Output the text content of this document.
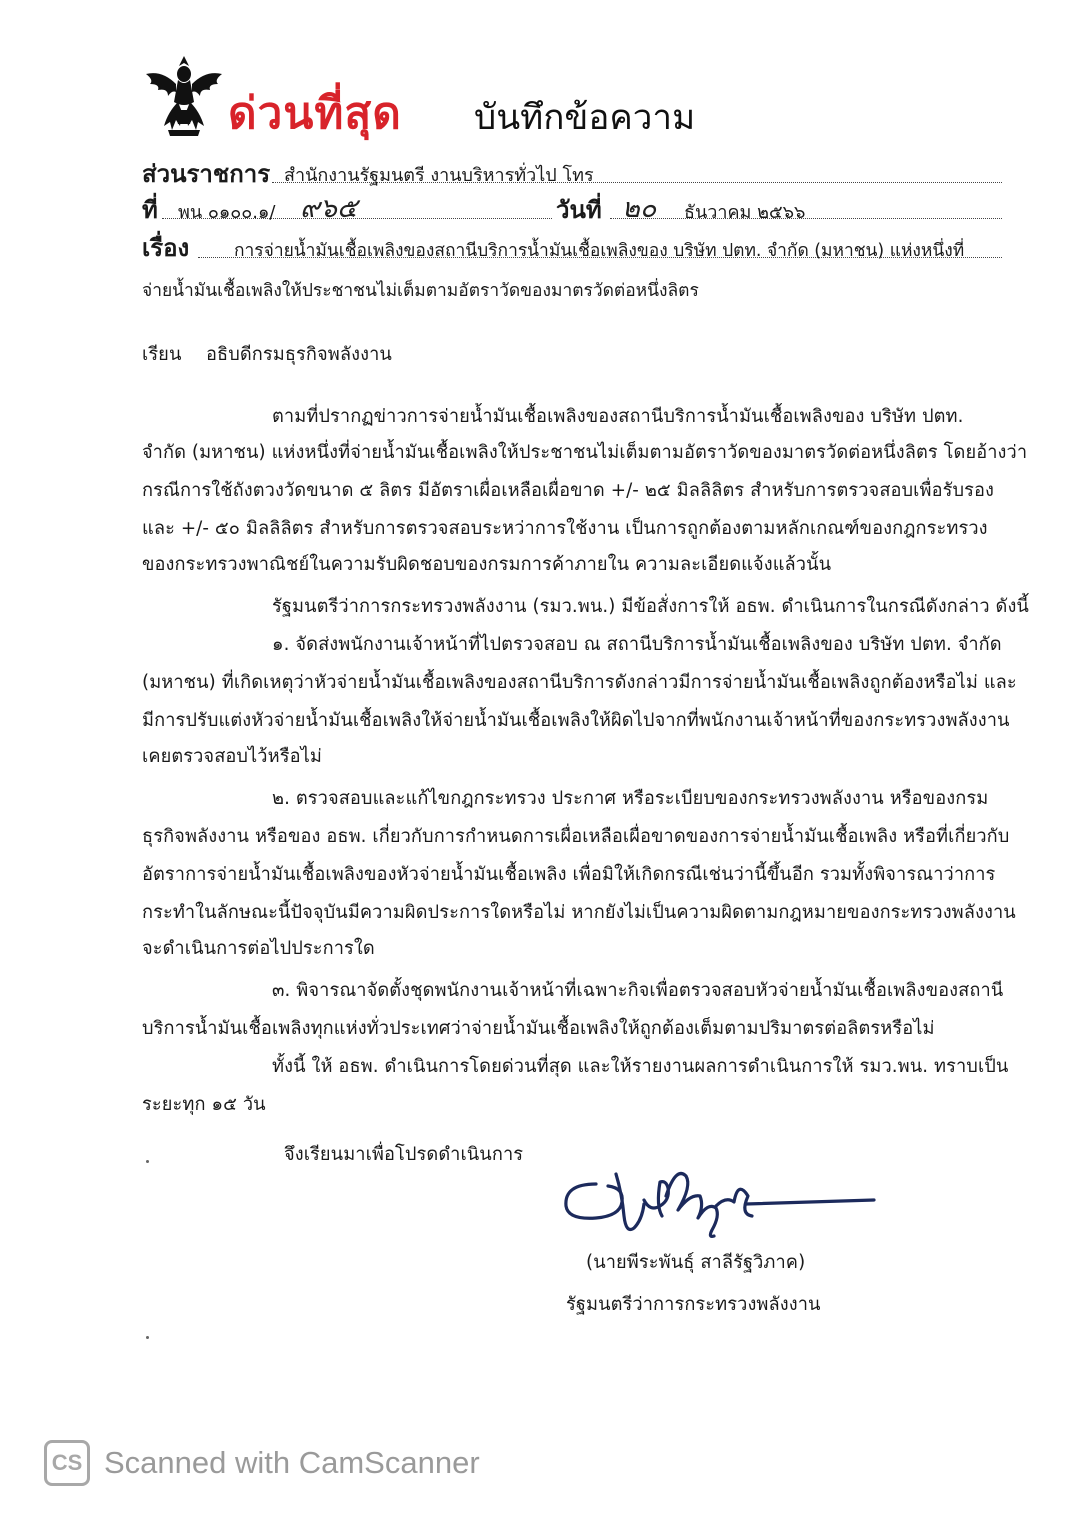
ด่วนที่สุด บันทึกข้อความ
ส่วนราชการ สำนักงานรัฐมนตรี งานบริหารทั่วไป โทร
ที่ พน ๐๑๐๐.๑/ ๙๖๕	วันที่ ๒๐ ธันวาคม ๒๕๖๖
เรื่อง	การจ่ายน้ำมันเชื้อเพลิงของสถานีบริการน้ำมันเชื้อเพลิงของ บริษัท ปตท. จำกัด (มหาชน) แห่งหนึ่งที่
จ่ายน้ำมันเชื้อเพลิงให้ประชาชนไม่เต็มตามอัตราวัดของมาตรวัดต่อหนึ่งลิตร
เรียน อธิบดีกรมธุรกิจพลังงาน
ตามที่ปรากฏข่าวการจ่ายน้ำมันเชื้อเพลิงของสถานีบริการน้ำมันเชื้อเพลิงของ บริษัท ปตท.
จำกัด (มหาชน) แห่งหนึ่งที่จ่ายน้ำมันเชื้อเพลิงให้ประชาชนไม่เต็มตามอัตราวัดของมาตรวัดต่อหนึ่งลิตร โดยอ้างว่า
กรณีการใช้ถังตวงวัดขนาด ๕ ลิตร มีอัตราเผื่อเหลือเผื่อขาด +/- ๒๕ มิลลิลิตร สำหรับการตรวจสอบเพื่อรับรอง
และ +/- ๕๐ มิลลิลิตร สำหรับการตรวจสอบระหว่าการใช้งาน เป็นการถูกต้องตามหลักเกณฑ์ของกฎกระทรวง
ของกระทรวงพาณิชย์ในความรับผิดชอบของกรมการค้าภายใน ความละเอียดแจ้งแล้วนั้น
รัฐมนตรีว่าการกระทรวงพลังงาน (รมว.พน.) มีข้อสั่งการให้ อธพ. ดำเนินการในกรณีดังกล่าว ดังนี้
๑. จัดส่งพนักงานเจ้าหน้าที่ไปตรวจสอบ ณ สถานีบริการน้ำมันเชื้อเพลิงของ บริษัท ปตท. จำกัด
(มหาชน) ที่เกิดเหตุว่าหัวจ่ายน้ำมันเชื้อเพลิงของสถานีบริการดังกล่าวมีการจ่ายน้ำมันเชื้อเพลิงถูกต้องหรือไม่ และ
มีการปรับแต่งหัวจ่ายน้ำมันเชื้อเพลิงให้จ่ายน้ำมันเชื้อเพลิงให้ผิดไปจากที่พนักงานเจ้าหน้าที่ของกระทรวงพลังงาน
เคยตรวจสอบไว้หรือไม่
๒. ตรวจสอบและแก้ไขกฎกระทรวง ประกาศ หรือระเบียบของกระทรวงพลังงาน หรือของกรม
ธุรกิจพลังงาน หรือของ อธพ. เกี่ยวกับการกำหนดการเผื่อเหลือเผื่อขาดของการจ่ายน้ำมันเชื้อเพลิง หรือที่เกี่ยวกับ
อัตราการจ่ายน้ำมันเชื้อเพลิงของหัวจ่ายน้ำมันเชื้อเพลิง เพื่อมิให้เกิดกรณีเช่นว่านี้ขึ้นอีก รวมทั้งพิจารณาว่าการ
กระทำในลักษณะนี้ปัจจุบันมีความผิดประการใดหรือไม่ หากยังไม่เป็นความผิดตามกฎหมายของกระทรวงพลังงาน
จะดำเนินการต่อไปประการใด
๓. พิจารณาจัดตั้งชุดพนักงานเจ้าหน้าที่เฉพาะกิจเพื่อตรวจสอบหัวจ่ายน้ำมันเชื้อเพลิงของสถานี
บริการน้ำมันเชื้อเพลิงทุกแห่งทั่วประเทศว่าจ่ายน้ำมันเชื้อเพลิงให้ถูกต้องเต็มตามปริมาตรต่อลิตรหรือไม่
ทั้งนี้ ให้ อธพ. ดำเนินการโดยด่วนที่สุด และให้รายงานผลการดำเนินการให้ รมว.พน. ทราบเป็น
ระยะทุก ๑๕ วัน
จึงเรียนมาเพื่อโปรดดำเนินการ
(นายพีระพันธุ์ สาลีรัฐวิภาค)
รัฐมนตรีว่าการกระทรวงพลังงาน
CS Scanned with CamScanner
